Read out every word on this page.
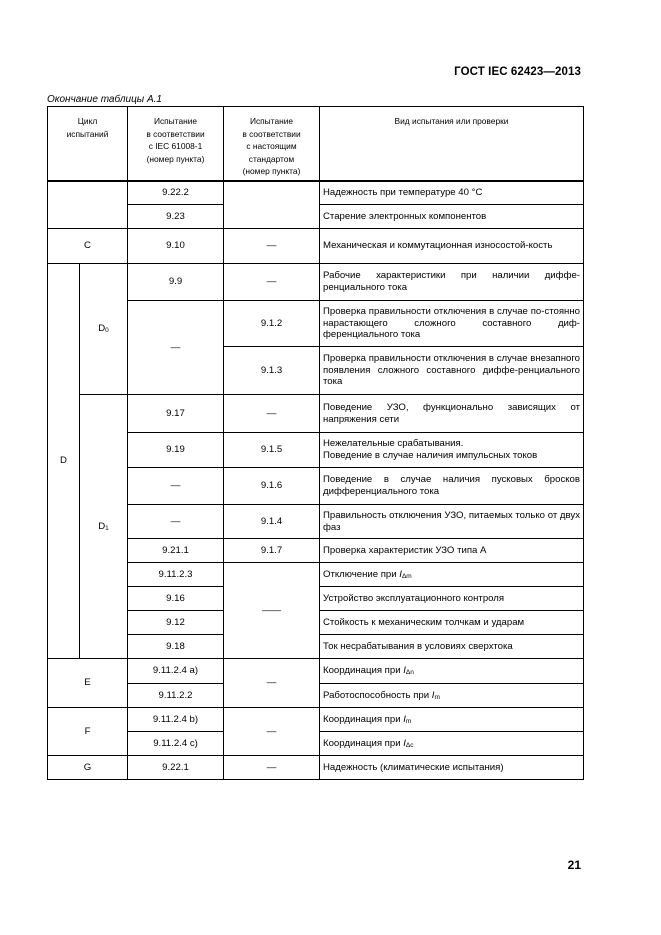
ГОСТ IEC 62423—2013
Окончание таблицы А.1
Цикл
испытаний		Испытание
в соответствии
с IEC 61008-1
(номер пункта)	Испытание
в соответствии
с настоящим
стандартом
(номер пункта)	Вид испытания или проверки
		9.22.2		Надежность при температуре 40 °С
		9.23		Старение электронных компонентов
C		9.10	—	Механическая и коммутационная износостой-кость
D	$D_0$	9.9	—	Рабочие характеристики при наличии диффе-ренциального тока
		—	9.1.2	Проверка правильности отключения в случае по-стоянно нарастающего сложного составного диф-ференциального тока
			9.1.3	Проверка правильности отключения в случае внезапного появления сложного составного диффе-ренциального тока
	$D_1$	9.17	—	Поведение УЗО, функционально зависящих от напряжения сети
		9.19	9.1.5	Нежелательные срабатывания.
Поведение в случае наличия импульсных токов

		—	9.1.6	Поведение в случае наличия пусковых бросков дифференциального тока
		—	9.1.4	Правильность отключения УЗО, питаемых только от двух фаз
		9.21.1	9.1.7	Проверка характеристик УЗО типа А
		9.11.2.3	——	Отключение при $I_{\Delta m}$
		9.16		Устройство эксплуатационного контроля
		9.12		Стойкость к механическим толчкам и ударам
		9.18		Ток несрабатывания в условиях сверхтока
E		9.11.2.4 a)	—	Координация при $I_{\Delta n}$
		9.11.2.2		Работоспособность при $I_m$
F		9.11.2.4 b)	—	Координация при $I_m$
		9.11.2.4 c)		Координация при $I_{\Delta c}$
G		9.22.1	—	Надежность (климатические испытания)
21
